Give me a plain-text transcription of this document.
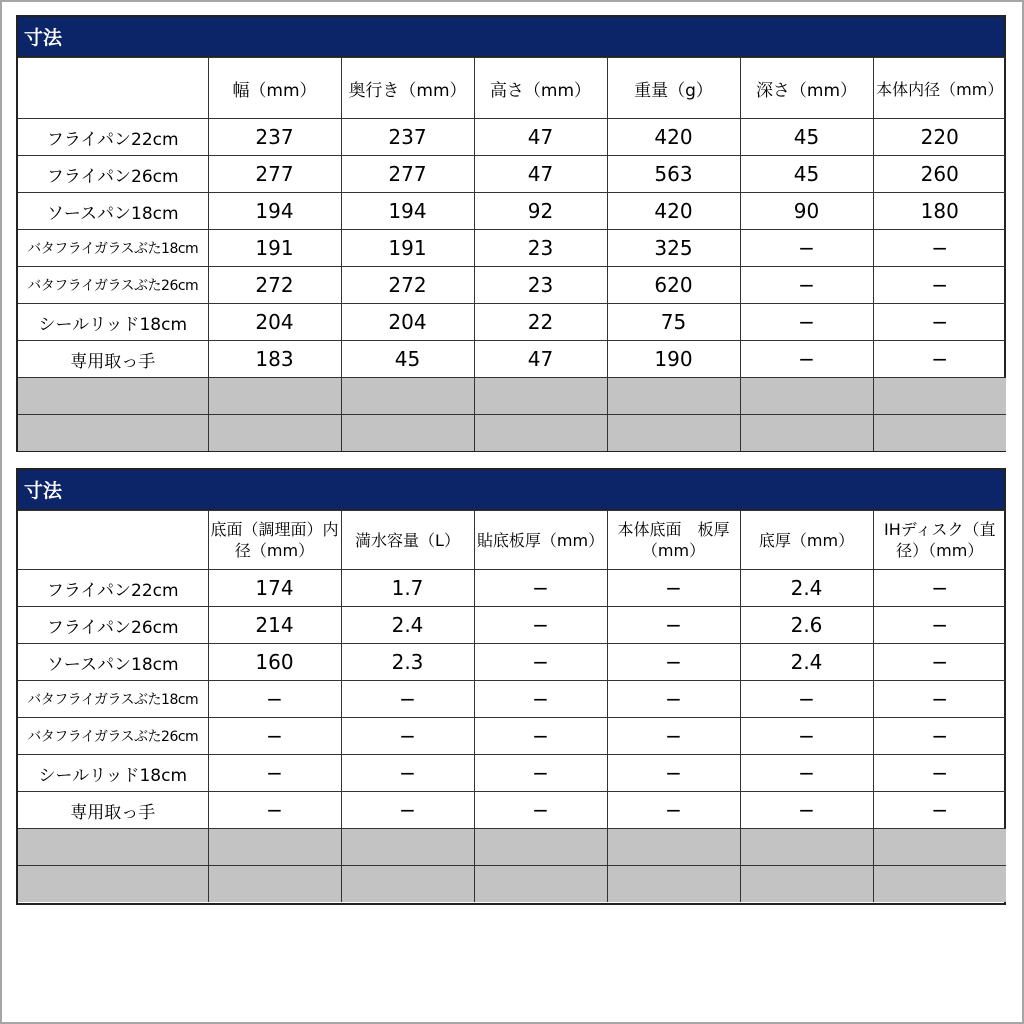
寸法
	幅（mm）	奥行き（mm）	高さ（mm）	重量（g）	深さ（mm）	本体内径（mm）
フライパン22cm	237	237	47	420	45	220
フライパン26cm	277	277	47	563	45	260
ソースパン18cm	194	194	92	420	90	180
バタフライガラスぶた18cm	191	191	23	325	−	−
バタフライガラスぶた26cm	272	272	23	620	−	−
シールリッド18cm	204	204	22	75	−	−
専用取っ手	183	45	47	190	−	−

寸法
	底面（調理面）内径（mm）	満水容量（L）	貼底板厚（mm）	本体底面　板厚（mm）	底厚（mm）	IHディスク（直径）（mm）
フライパン22cm	174	1.7	−	−	2.4	−
フライパン26cm	214	2.4	−	−	2.6	−
ソースパン18cm	160	2.3	−	−	2.4	−
バタフライガラスぶた18cm	−	−	−	−	−	−
バタフライガラスぶた26cm	−	−	−	−	−	−
シールリッド18cm	−	−	−	−	−	−
専用取っ手	−	−	−	−	−	−
